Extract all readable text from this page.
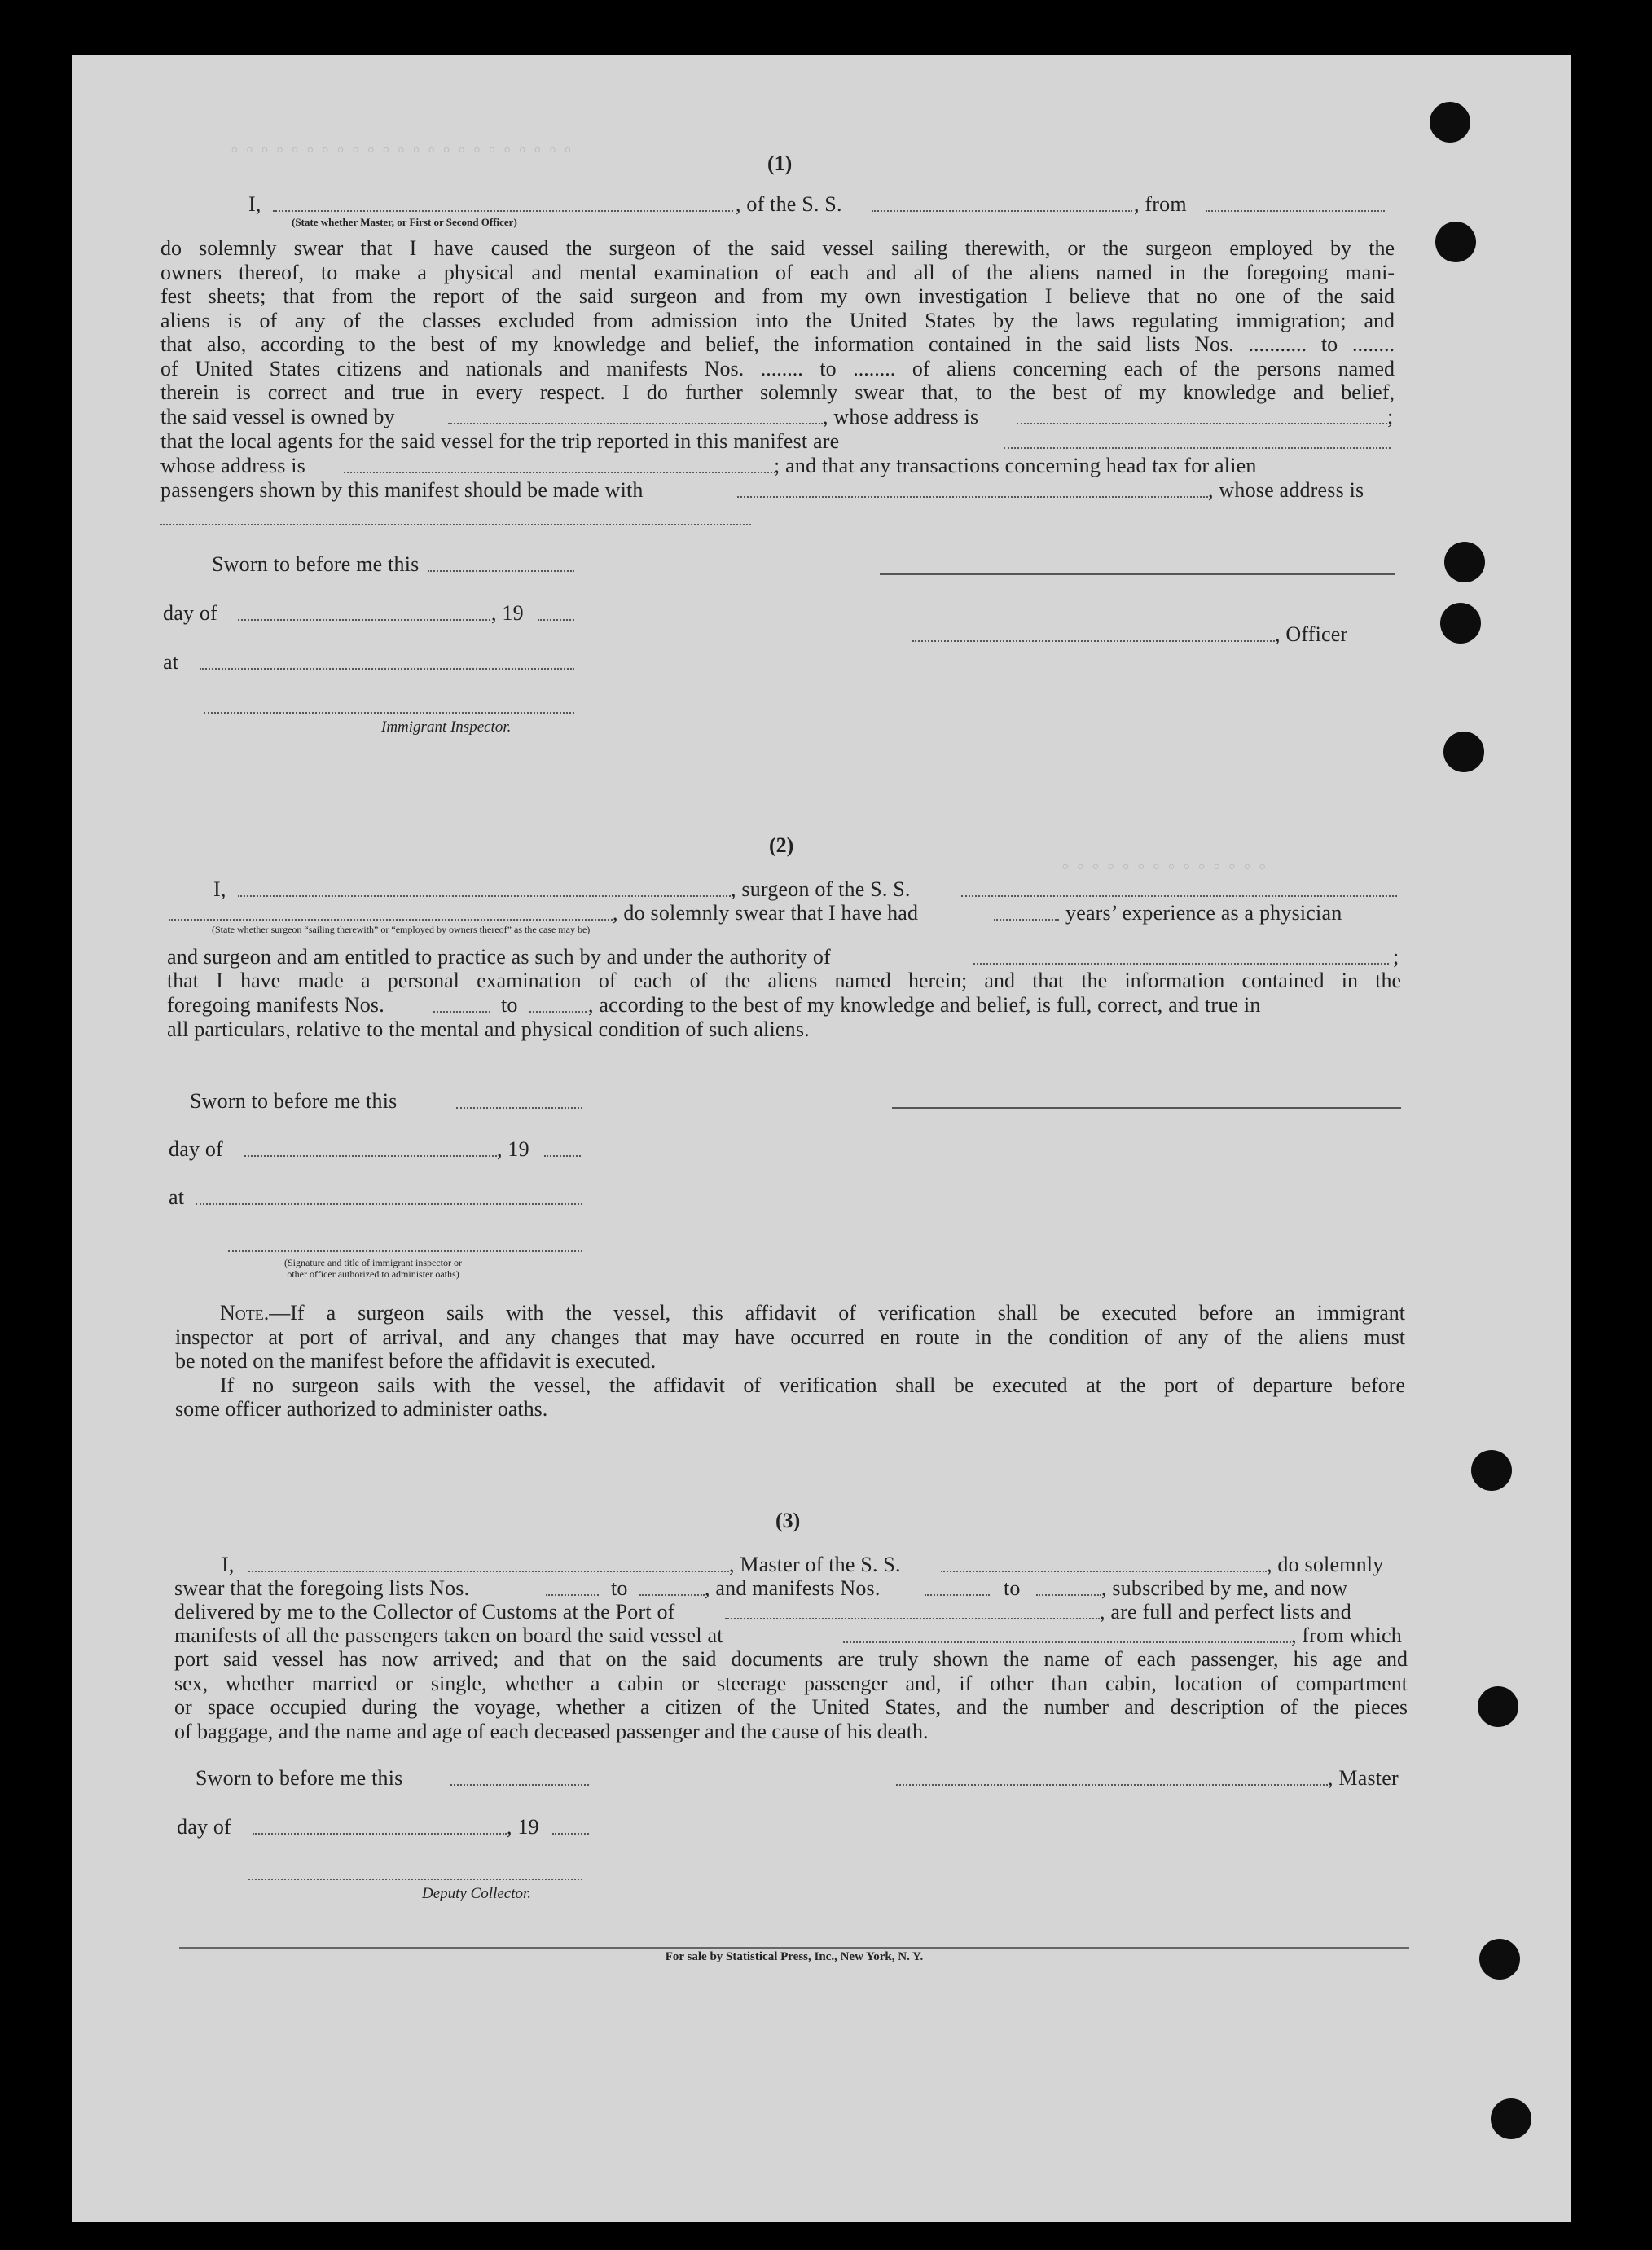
◦◦◦◦◦◦◦◦◦◦◦◦◦◦◦◦◦◦◦◦◦◦◦
◦◦◦◦◦◦◦◦◦◦◦◦◦◦
(1)
I,	, of the S. S.	, from
(State whether Master, or First or Second Officer)
do solemnly swear that I have caused the surgeon of the said vessel sailing therewith, or the surgeon employed by the
owners thereof, to make a physical and mental examination of each and all of the aliens named in the foregoing mani-
fest sheets; that from the report of the said surgeon and from my own investigation I believe that no one of the said
aliens is of any of the classes excluded from admission into the United States by the laws regulating immigration; and
that also, according to the best of my knowledge and belief, the information contained in the said lists Nos. ........... to ........
of United States citizens and nationals and manifests Nos. ........ to ........ of aliens concerning each of the persons named
therein is correct and true in every respect. I do further solemnly swear that, to the best of my knowledge and belief,
the said vessel is owned by	, whose address is	;
that the local agents for the said vessel for the trip reported in this manifest are
whose address is	; and that any transactions concerning head tax for alien
passengers shown by this manifest should be made with	, whose address is
Sworn to before me this
day of	, 19
, Officer
at
Immigrant Inspector.
(2)
I,	, surgeon of the S. S.
, do solemnly swear that I have had	years’ experience as a physician
(State whether surgeon “sailing therewith” or “employed by owners thereof” as the case may be)
and surgeon and am entitled to practice as such by and under the authority of	;
that I have made a personal examination of each of the aliens named herein; and that the information contained in the
foregoing manifests Nos.	to	, according to the best of my knowledge and belief, is full, correct, and true in
all particulars, relative to the mental and physical condition of such aliens.
Sworn to before me this
day of	, 19
at
(Signature and title of immigrant inspector or
other officer authorized to administer oaths)
Note.—If a surgeon sails with the vessel, this affidavit of verification shall be executed before an immigrant
inspector at port of arrival, and any changes that may have occurred en route in the condition of any of the aliens must
be noted on the manifest before the affidavit is executed.
If no surgeon sails with the vessel, the affidavit of verification shall be executed at the port of departure before
some officer authorized to administer oaths.
(3)
I,	, Master of the S. S.	, do solemnly
swear that the foregoing lists Nos.	to	, and manifests Nos.	to	, subscribed by me, and now
delivered by me to the Collector of Customs at the Port of	, are full and perfect lists and
manifests of all the passengers taken on board the said vessel at	, from which
port said vessel has now arrived; and that on the said documents are truly shown the name of each passenger, his age and
sex, whether married or single, whether a cabin or steerage passenger and, if other than cabin, location of compartment
or space occupied during the voyage, whether a citizen of the United States, and the number and description of the pieces
of baggage, and the name and age of each deceased passenger and the cause of his death.
Sworn to before me this	, Master
day of	, 19
Deputy Collector.
For sale by Statistical Press, Inc., New York, N. Y.
